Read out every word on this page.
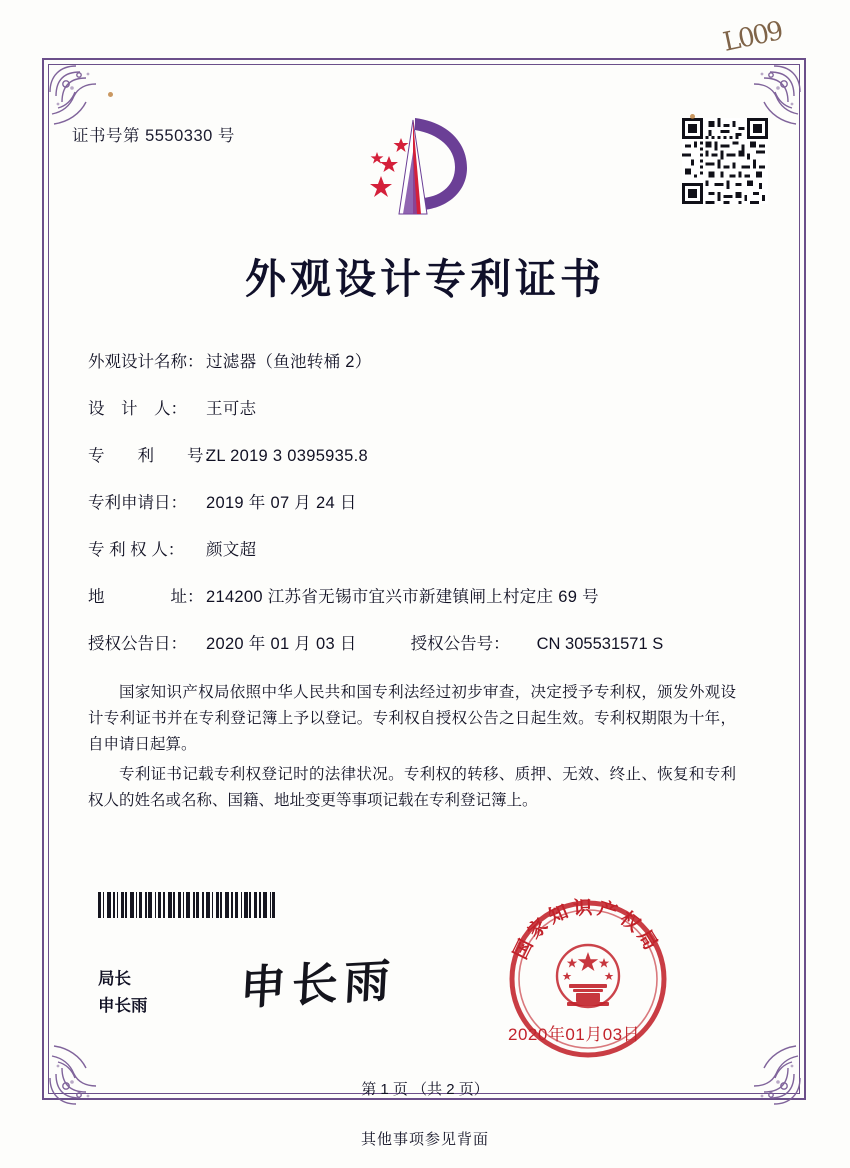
L009
证书号第 5550330 号
外观设计专利证书
外观设计名称： 过滤器（鱼池转桶 2）
设　计　人：	王可志
专　　利　　号：
ZL 2019 3 0395935.8
专利申请日：	2019 年 07 月 24 日
专 利 权 人：	颜文超
地　　　　址： 214200 江苏省无锡市宜兴市新建镇闸上村定庄 69 号
授权公告日：	2020 年 01 月 03 日	授权公告号：	CN 305531571 S

国家知识产权局依照中华人民共和国专利法经过初步审查，决定授予专利权，颁发外观设计专利证书并在专利登记簿上予以登记。专利权自授权公告之日起生效。专利权期限为十年，自申请日起算。

专利证书记载专利权登记时的法律状况。专利权的转移、质押、无效、终止、恢复和专利权人的姓名或名称、国籍、地址变更等事项记载在专利登记簿上。

局长
申长雨 申长雨
国家知识产权局
2020年01月03日
第 1 页 （共 2 页）
其他事项参见背面
